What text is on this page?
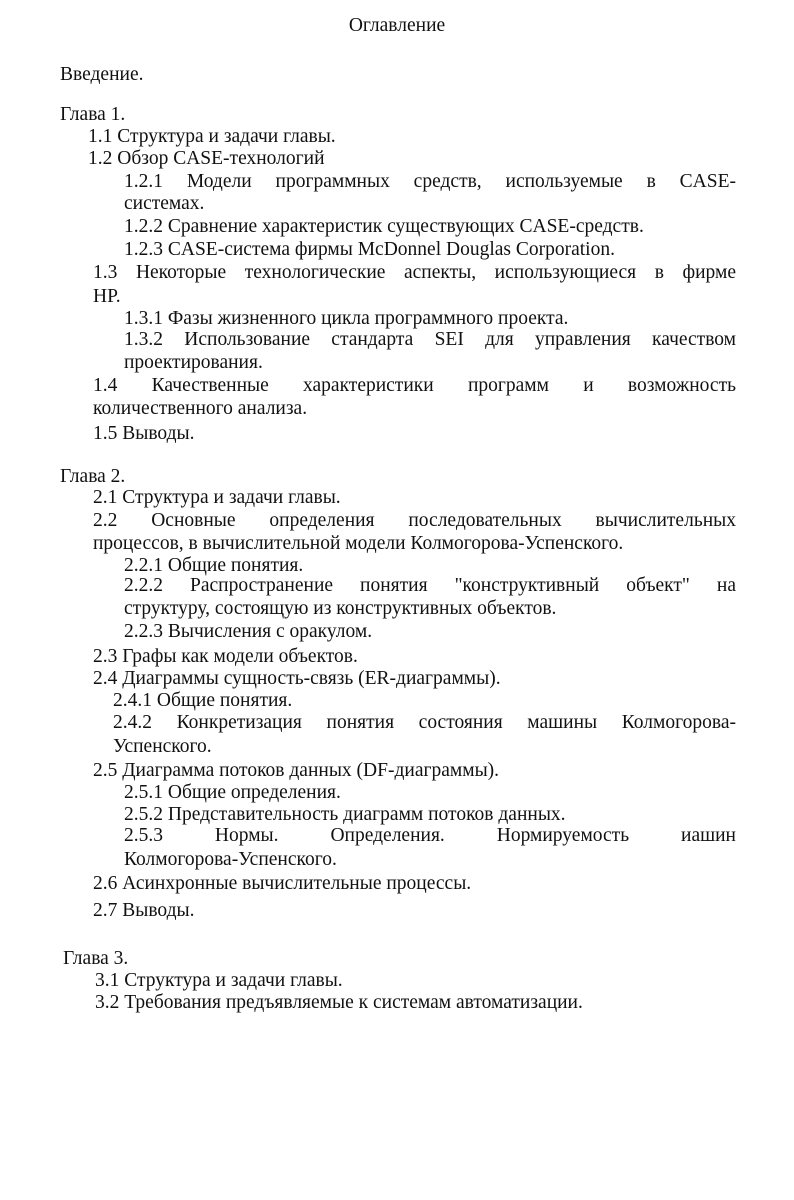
Оглавление
Введение.
Глава 1.
1.1 Структура и задачи главы.
1.2 Обзор CASE-технологий
1.2.1 Модели программных средств, используемые в CASE-
системах.
1.2.2 Сравнение характеристик существующих CASE-средств.
1.2.3 CASE-система фирмы McDonnel Douglas Corporation.
1.3 Некоторые технологические аспекты, использующиеся в фирме
HP.
1.3.1 Фазы жизненного цикла программного проекта.
1.3.2 Использование стандарта SEI для управления качеством
проектирования.
1.4 Качественные характеристики программ и возможность
количественного анализа.
1.5 Выводы.
Глава 2.
2.1 Структура и задачи главы.
2.2 Основные определения последовательных вычислительных
процессов, в вычислительной модели Колмогорова-Успенского.
2.2.1 Общие понятия.
2.2.2 Распространение понятия "конструктивный объект" на
структуру, состоящую из конструктивных объектов.
2.2.3 Вычисления с оракулом.
2.3 Графы как модели объектов.
2.4 Диаграммы сущность-связь (ER-диаграммы).
2.4.1 Общие понятия.
2.4.2 Конкретизация понятия состояния машины Колмогорова-
Успенского.
2.5 Диаграмма потоков данных (DF-диаграммы).
2.5.1 Общие определения.
2.5.2 Представительность диаграмм потоков данных.
2.5.3 Нормы. Определения. Нормируемость иашин
Колмогорова-Успенского.
2.6 Асинхронные вычислительные процессы.
2.7 Выводы.
Глава 3.
3.1 Структура и задачи главы.
3.2 Требования предъявляемые к системам автоматизации.
